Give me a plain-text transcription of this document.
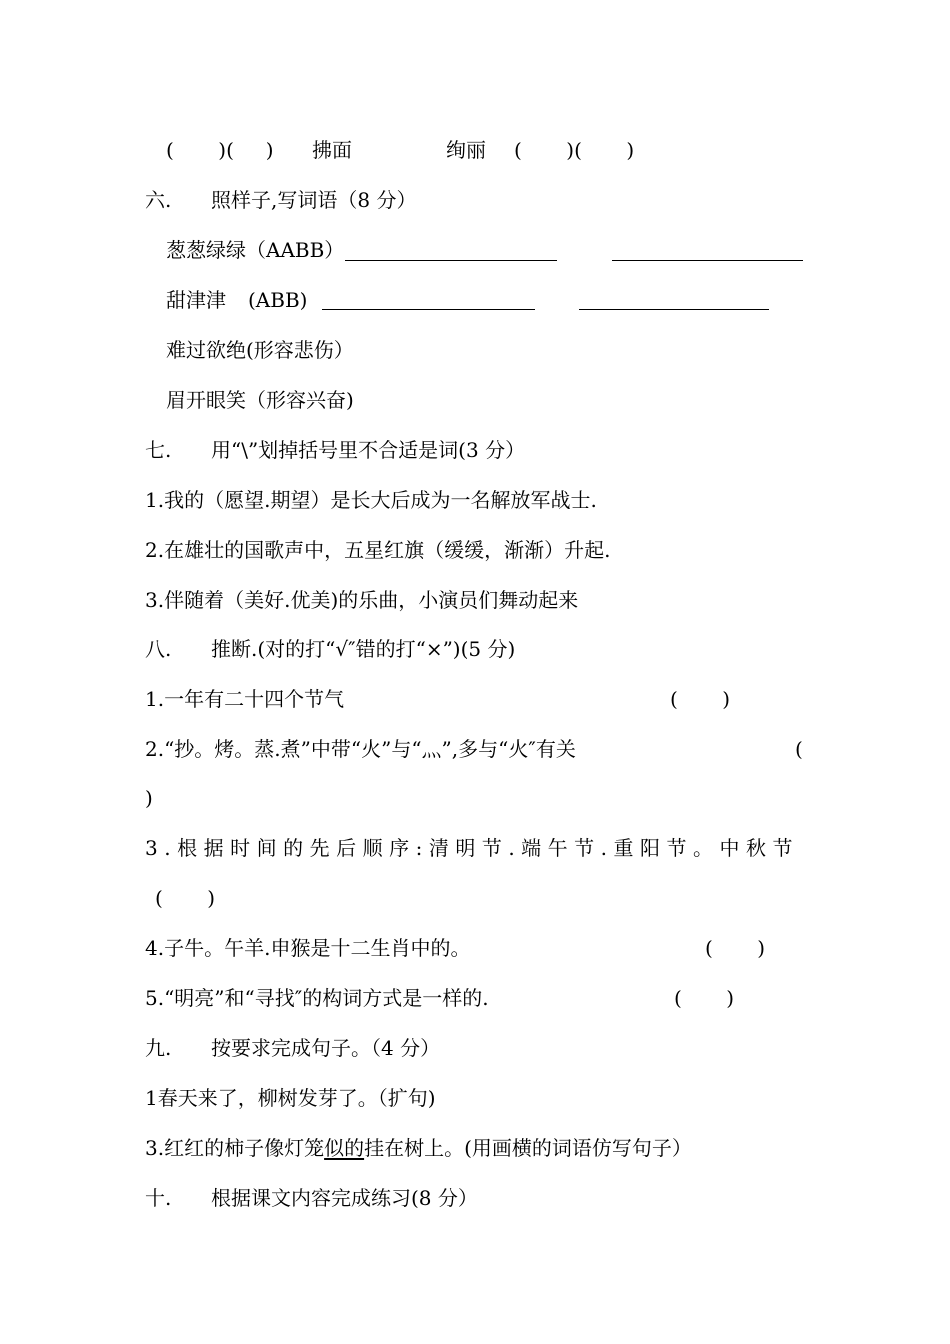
(       )(     ) 拂面	绚丽 (       )(       )
六. 照样子,写词语（8 分）
葱葱绿绿（AABB）
甜津津 (ABB)
难过欲绝(形容悲伤）
眉开眼笑（形容兴奋)
七. 用“\”划掉括号里不合适是词(3 分）
1.我的（愿望.期望）是长大后成为一名解放军战士.
2.在雄壮的国歌声中，五星红旗（缓缓，渐渐）升起.
3.伴随着（美好.优美)的乐曲，小演员们舞动起来
八. 推断.(对的打“√″错的打“×”)(5 分)
1.一年有二十四个节气	(       )
2.“抄。烤。蒸.煮”中带“火”与“灬”,多与“火″有关	(
)
3.根据时间的先后顺序:清明节.端午节.重阳节。中秋节
(       )
4.子牛。午羊.申猴是十二生肖中的。	(       )
5.“明亮”和“寻找″的构词方式是一样的.	(       )
九. 按要求完成句子。（4 分）
1春天来了，柳树发芽了。（扩句)
3.红红的柿子像灯笼似的挂在树上。(用画横的词语仿写句子）
十. 根据课文内容完成练习(8 分）
